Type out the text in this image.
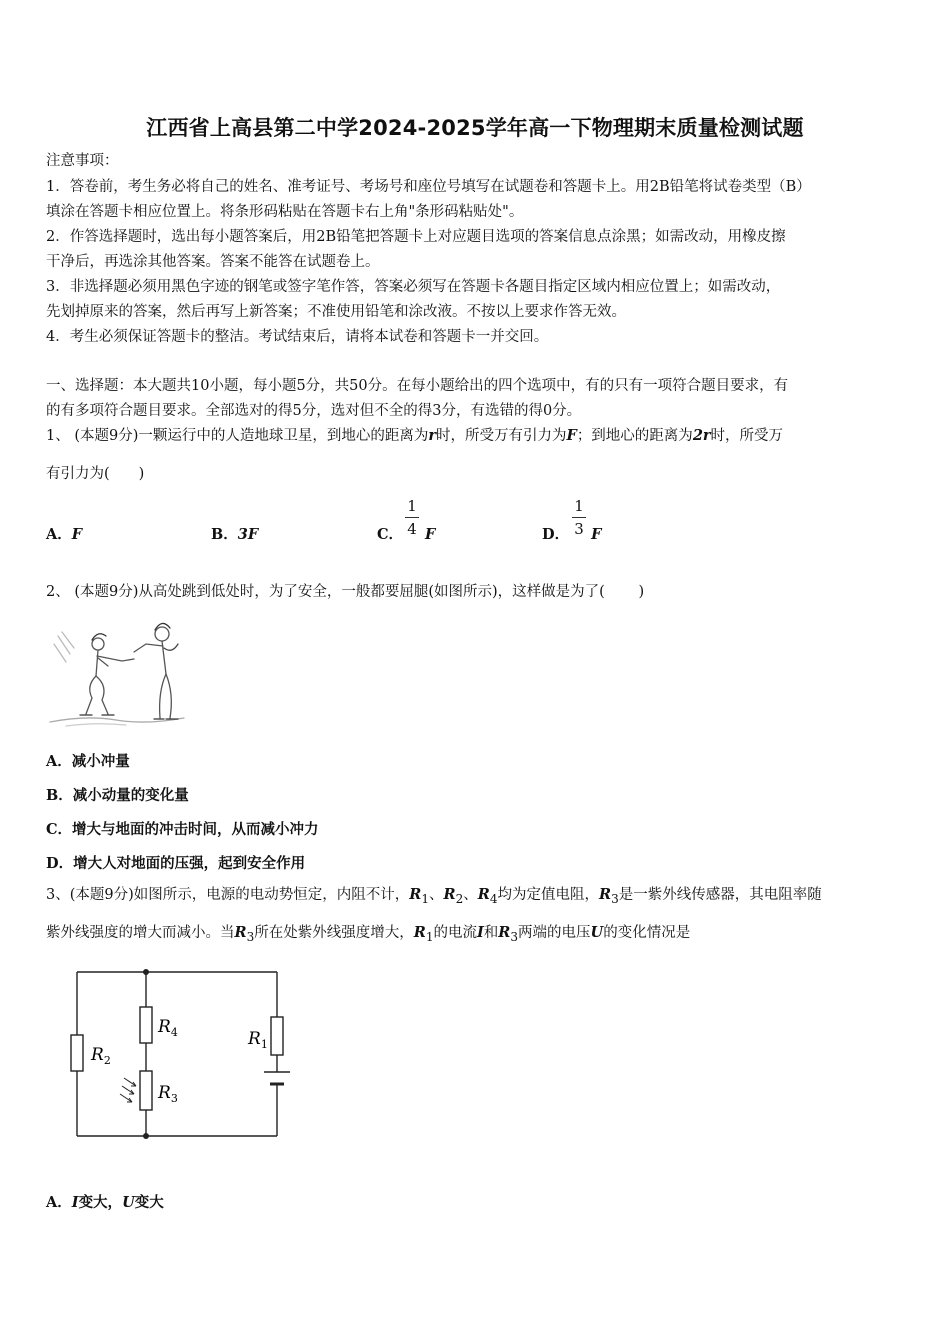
江西省上高县第二中学2024-2025学年高一下物理期末质量检测试题
注意事项：
1．答卷前，考生务必将自己的姓名、准考证号、考场号和座位号填写在试题卷和答题卡上。用2B铅笔将试卷类型（B）
填涂在答题卡相应位置上。将条形码粘贴在答题卡右上角"条形码粘贴处"。
2．作答选择题时，选出每小题答案后，用2B铅笔把答题卡上对应题目选项的答案信息点涂黑；如需改动，用橡皮擦
干净后，再选涂其他答案。答案不能答在试题卷上。
3．非选择题必须用黑色字迹的钢笔或签字笔作答，答案必须写在答题卡各题目指定区域内相应位置上；如需改动，
先划掉原来的答案，然后再写上新答案；不准使用铅笔和涂改液。不按以上要求作答无效。
4．考生必须保证答题卡的整洁。考试结束后，请将本试卷和答题卡一并交回。
一、选择题：本大题共10小题，每小题5分，共50分。在每小题给出的四个选项中，有的只有一项符合题目要求，有
的有多项符合题目要求。全部选对的得5分，选对但不全的得3分，有选错的得0分。
1、 (本题9分)一颗运行中的人造地球卫星，到地心的距离为r时，所受万有引力为F；到地心的距离为2r时，所受万
有引力为(　　)
A．F	B．3F	C． F
1
4	D． F
1
3
2、 (本题9分)从高处跳到低处时，为了安全，一般都要屈腿(如图所示)，这样做是为了(　　 )
A．减小冲量
B．减小动量的变化量
C．增大与地面的冲击时间，从而减小冲力
D．增大人对地面的压强，起到安全作用
3、(本题9分)如图所示，电源的电动势恒定，内阻不计，$R_1$、$R_2$、$R_4$均为定值电阻，$R_3$是一紫外线传感器，其电阻率随
紫外线强度的增大而减小。当$R_3$所在处紫外线强度增大，$R_1$的电流I和$R_3$两端的电压U的变化情况是
$R_2$
$R_4$
$R_3$
$R_1$
A．I变大，U变大
